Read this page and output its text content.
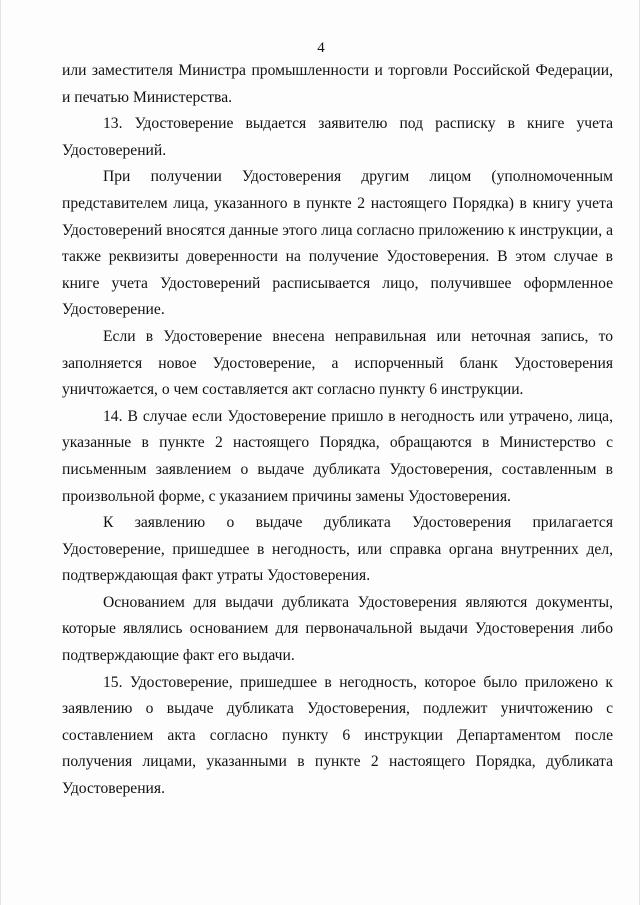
4

или заместителя Министра промышленности и торговли Российской Федерации, и печатью Министерства.

13. Удостоверение выдается заявителю под расписку в книге учета Удостоверений.

При получении Удостоверения другим лицом (уполномоченным представителем лица, указанного в пункте 2 настоящего Порядка) в книгу учета Удостоверений вносятся данные этого лица согласно приложению к инструкции, а также реквизиты доверенности на получение Удостоверения. В этом случае в книге учета Удостоверений расписывается лицо, получившее оформленное Удостоверение.

Если в Удостоверение внесена неправильная или неточная запись, то заполняется новое Удостоверение, а испорченный бланк Удостоверения уничтожается, о чем составляется акт согласно пункту 6 инструкции.

14. В случае если Удостоверение пришло в негодность или утрачено, лица, указанные в пункте 2 настоящего Порядка, обращаются в Министерство с письменным заявлением о выдаче дубликата Удостоверения, составленным в произвольной форме, с указанием причины замены Удостоверения.

К заявлению о выдаче дубликата Удостоверения прилагается Удостоверение, пришедшее в негодность, или справка органа внутренних дел, подтверждающая факт утраты Удостоверения.

Основанием для выдачи дубликата Удостоверения являются документы, которые являлись основанием для первоначальной выдачи Удостоверения либо подтверждающие факт его выдачи.

15. Удостоверение, пришедшее в негодность, которое было приложено к заявлению о выдаче дубликата Удостоверения, подлежит уничтожению с составлением акта согласно пункту 6 инструкции Департаментом после получения лицами, указанными в пункте 2 настоящего Порядка, дубликата Удостоверения.
